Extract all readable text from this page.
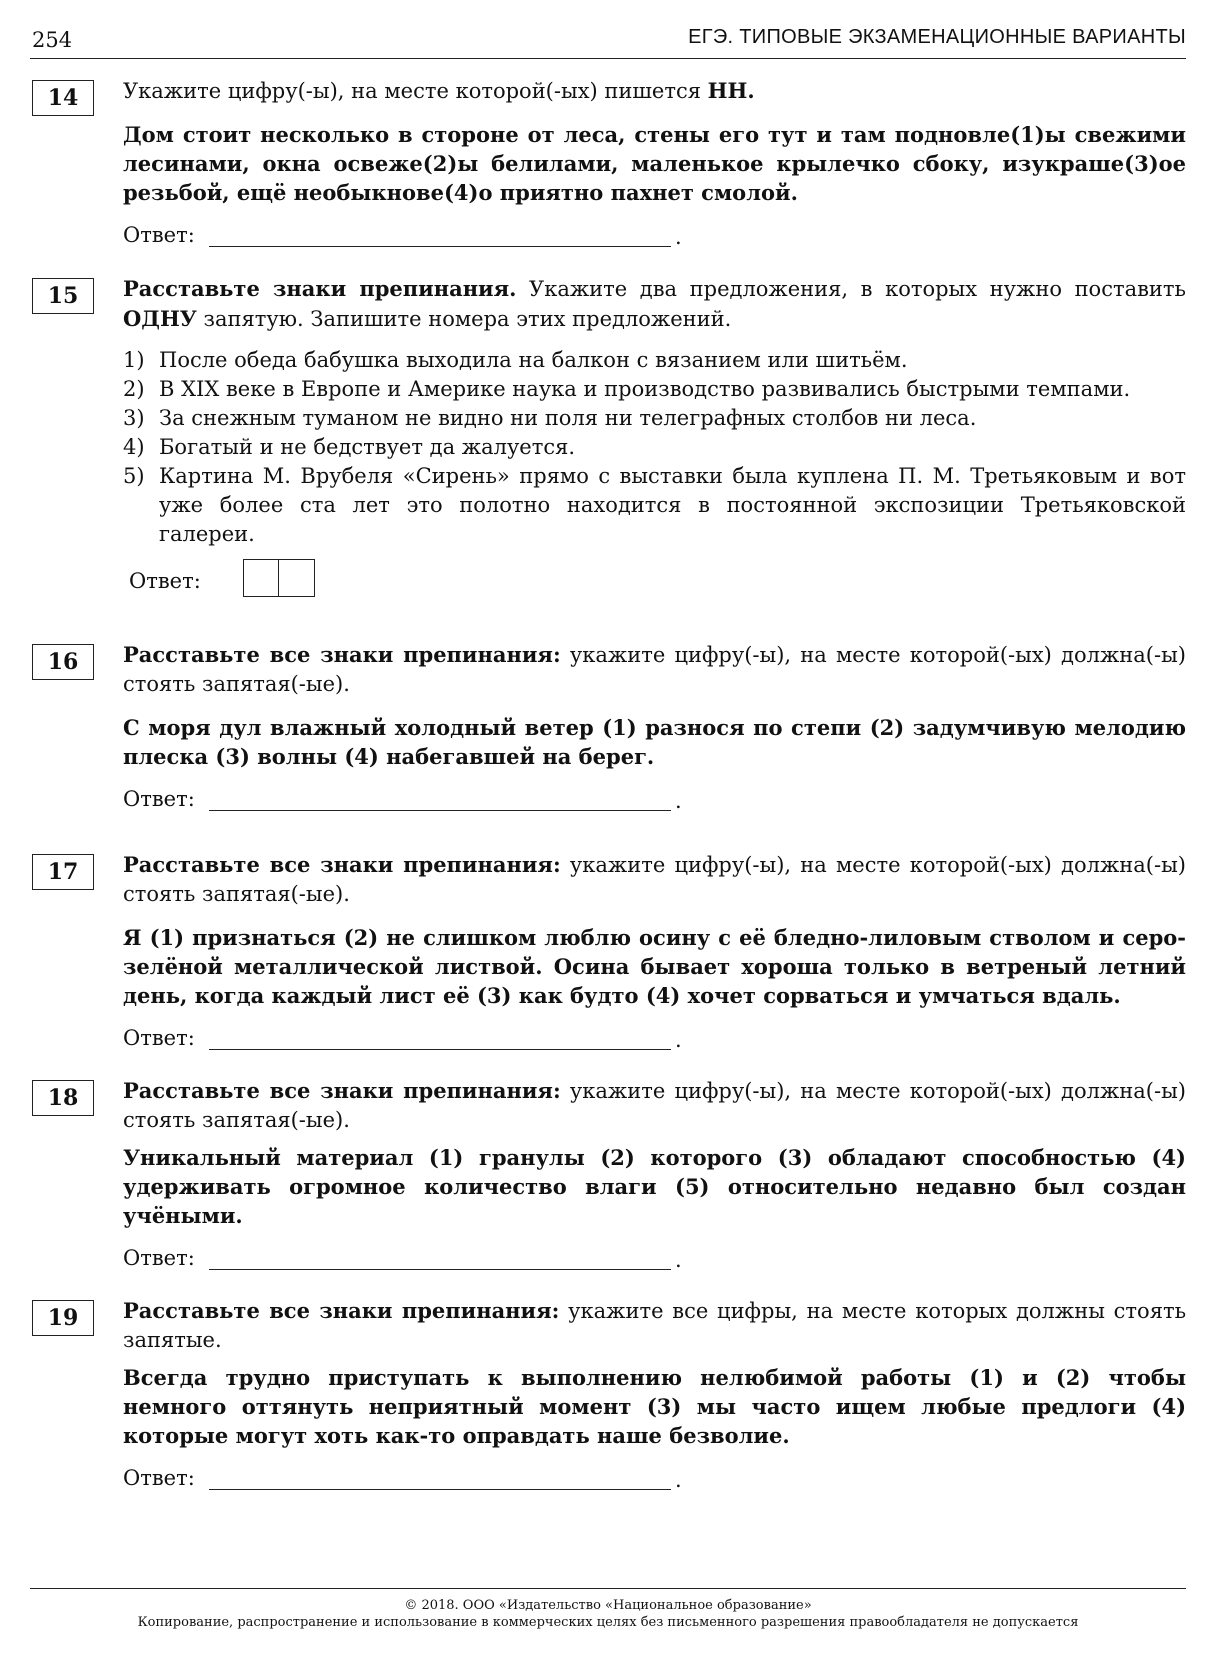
254	ЕГЭ. ТИПОВЫЕ ЭКЗАМЕНАЦИОННЫЕ ВАРИАНТЫ
14	Укажите цифру(-ы), на месте которой(-ых) пишется НН.

Дом стоит несколько в стороне от леса, стены его тут и там подновле(1)ы свежими лесинами, окна освеже(2)ы белилами, маленькое крылечко сбоку, изукраше(3)ое резьбой, ещё необыкнове(4)о приятно пахнет смолой.

Ответ:	.
15	Расставьте знаки препинания. Укажите два предложения, в которых нужно поставить ОДНУ запятую. Запишите номера этих предложений.

1) После обеда бабушка выходила на балкон с вязанием или шитьём.
2) В XIX веке в Европе и Америке наука и производство развивались быстрыми темпами.
3) За снежным туманом не видно ни поля ни телеграфных столбов ни леса.
4) Богатый и не бедствует да жалуется.
5) Картина М. Врубеля «Сирень» прямо с выставки была куплена П. М. Третьяковым и вот уже более ста лет это полотно находится в постоянной экспозиции Третьяковской галереи.
Ответ:
16	Расставьте все знаки препинания: укажите цифру(-ы), на месте которой(-ых) должна(-ы) стоять запятая(-ые).

С моря дул влажный холодный ветер (1) разнося по степи (2) задумчивую мелодию плеска (3) волны (4) набегавшей на берег.

Ответ:	.
17	Расставьте все знаки препинания: укажите цифру(-ы), на месте которой(-ых) должна(-ы) стоять запятая(-ые).

Я (1) признаться (2) не слишком люблю осину с её бледно-лиловым стволом и серо-зелёной металлической листвой. Осина бывает хороша только в ветреный летний день, когда каждый лист её (3) как будто (4) хочет сорваться и умчаться вдаль.

Ответ:	.
18	Расставьте все знаки препинания: укажите цифру(-ы), на месте которой(-ых) должна(-ы) стоять запятая(-ые).

Уникальный материал (1) гранулы (2) которого (3) обладают способностью (4) удерживать огромное количество влаги (5) относительно недавно был создан учёными.

Ответ:	.
19	Расставьте все знаки препинания: укажите все цифры, на месте которых должны стоять запятые.

Всегда трудно приступать к выполнению нелюбимой работы (1) и (2) чтобы немного оттянуть неприятный момент (3) мы часто ищем любые предлоги (4) которые могут хоть как-то оправдать наше безволие.

Ответ:	.
© 2018. ООО «Издательство «Национальное образование»
Копирование, распространение и использование в коммерческих целях без письменного разрешения правообладателя не допускается
